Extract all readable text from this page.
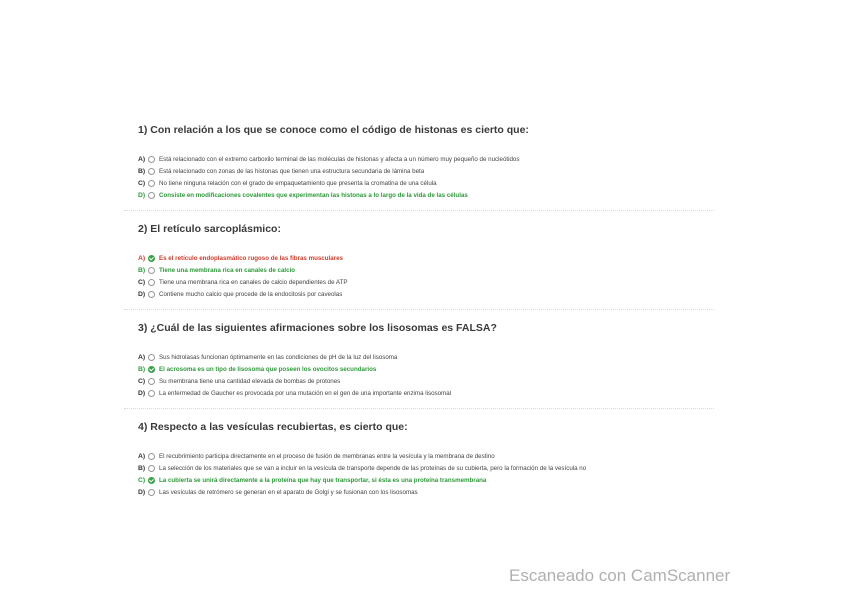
1) Con relación a los que se conoce como el código de histonas es cierto que:

A)	Está relacionado con el extremo carboxilo terminal de las moléculas de histonas y afecta a un número muy pequeño de nucleótidos
B)	Está relacionado con zonas de las histonas que tienen una estructura secundaria de lámina beta
C)	No tiene ninguna relación con el grado de empaquetamiento que presenta la cromatina de una célula
D)	Consiste en modificaciones covalentes que experimentan las histonas a lo largo de la vida de las células

2) El retículo sarcoplásmico:

A)	Es el retículo endoplasmático rugoso de las fibras musculares
B)	Tiene una membrana rica en canales de calcio
C)	Tiene una membrana rica en canales de calcio dependientes de ATP
D)	Contiene mucho calcio que procede de la endocitosis por caveolas

3) ¿Cuál de las siguientes afirmaciones sobre los lisosomas es FALSA?

A)	Sus hidrolasas funcionan óptimamente en las condiciones de pH de la luz del lisosoma
B)	El acrosoma es un tipo de lisosoma que poseen los ovocitos secundarios
C)	Su membrana tiene una cantidad elevada de bombas de protones
D)	La enfermedad de Gaucher es provocada por una mutación en el gen de una importante enzima lisosomal

4) Respecto a las vesículas recubiertas, es cierto que:

A)	El recubrimiento participa directamente en el proceso de fusión de membranas entre la vesícula y la membrana de destino
B)	La selección de los materiales que se van a incluir en la vesícula de transporte depende de las proteínas de su cubierta, pero la formación de la vesícula no
C)	La cubierta se unirá directamente a la proteína que hay que transportar, si ésta es una proteína transmembrana
D)	Las vesículas de retrómero se generan en el aparato de Golgi y se fusionan con los lisosomas
Escaneado con CamScanner
